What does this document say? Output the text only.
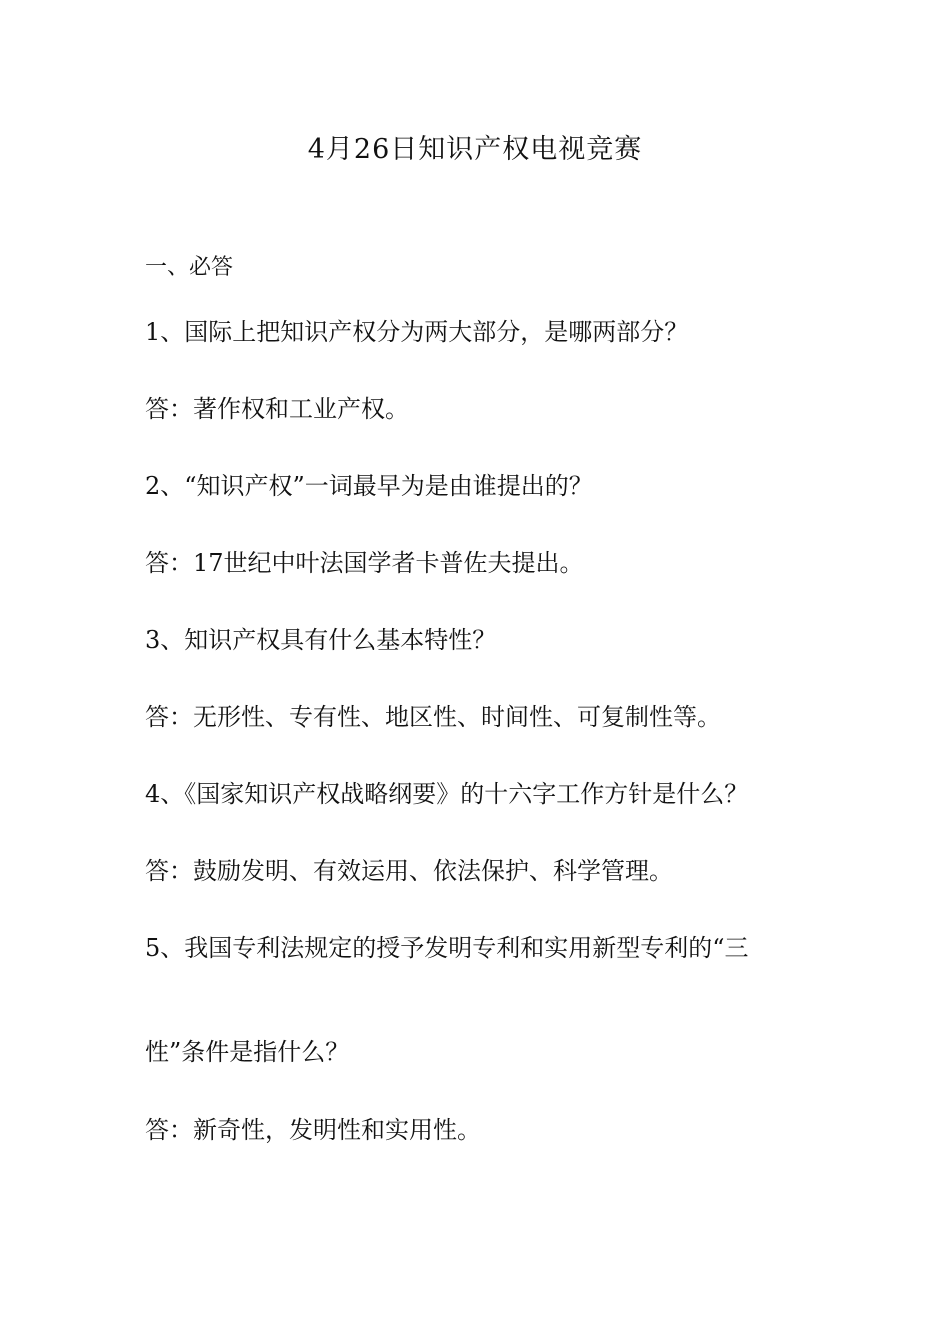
4月26日知识产权电视竞赛
一、必答
1、国际上把知识产权分为两大部分，是哪两部分？
答：著作权和工业产权。
2、“知识产权”一词最早为是由谁提出的？
答：17世纪中叶法国学者卡普佐夫提出。
3、知识产权具有什么基本特性？
答：无形性、专有性、地区性、时间性、可复制性等。
4、《国家知识产权战略纲要》的十六字工作方针是什么？
答：鼓励发明、有效运用、依法保护、科学管理。
5、我国专利法规定的授予发明专利和实用新型专利的“三
性”条件是指什么？
答：新奇性，发明性和实用性。
